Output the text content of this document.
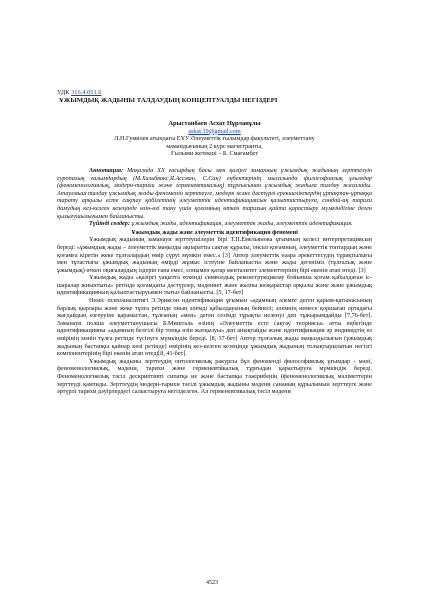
УДК 316.4.051.6
ҰЖЫМДЫҚ ЖАДЫНЫ ТАЛДАУДЫҢ КОНЦЕПТУАЛДЫ НЕГІЗДЕРІ
Арыстанбаев Асхат Нұрланұлы
askat.19@gmail.com
Л.Н.Гумилев атындағы ЕҰУ Әлеуметтік ғылымдар факультеті, әлеуметтану
мамандығының 2 курс магистранты,
Ғылыми жетекші – Б. Смағамбет
Аннотация: Мақалада XX ғасырдың басы мен қазіргі заманның ұжымдық жадының зерттелуін еуропалық ғалымдардың (М.Хальбвакс,Я.Ассман, С.Сан) еңбектерінің мысалында философиялық ұғымдар (феноменологиялық, модерн-тарихи және герменевтикалық) тұрғысынан ұжымдық жадыға талдау жасалады. Атаулмыш талдау ұжымдық жады феноменін зерттеуге, модерн және дәстүрлі ерекшеліктердің ұрпақтан-ұрпаққа тарату арқылы есте сақтау қабілетінің әлеуметтік идентификациясын қалыптастыруға, сондай-ақ тарихи дамудың кез-келген кезеңінде өзін-өзі тану үшін қоғамның өткен тарихын қайта қарастыру мүмкіндігіне деген қызығушылығымен байланысты.
Түйінді сөздер: ұжымдық жады, идентификация, әлеуметтік жады, әлеуметтік идентификация.
Ұжымдық жады және әлеуметтік идентификация феномені

Ұжымдық жадының заманауи зерттеушілерін бірі Т.П.Емельянова ұғымның келесі интерпретациясын береді: «ұжымдық жады – әлеуметтік маңызды ақпаратты сақтау құралы, онсыз қоғамның, әлеуметтік топтардың және қоғамға кіретін жеке тұлғалардың өмір сүруі мүмкін емес.» [3] Автор әлеуметтік өзара әрекеттесудің тұрақтылығы мен тұтастығы ұжымдық жадының өмірді жұмыс істеуіне байланысты және жады дегеніміз (тұлғалық және ұжымдық) өткен оқиғалардың іздерін ғана емес, сонымен қатар менталитет элементтерінің бірі екенін атап өтеді. [3]

Ұжымдық жады «қазіргі уақытта өткенді символдық реконструкциялау бойынша қоғам қабылдаған іс-шаралар жиынтығы» ретінде қоғамдағы дәстүрлер, мәдениет және жалпы көзқарастар арқылы және және ұжымдық идентификацияның қалыптастыруымен тығыз байланысты. [5, 17-бет]

Неміс психоаналитигі Э.Эриксон идентификация ұғымын «адамның әлемге деген қарым-қатынасының барлық қырлары және жеке тұлға ретінде оның әлемді қабылдауының бейнесі; әлемнің немесе қоршаған ортадағы жағдайдың өзгеруіне қарамастан, тұлғаның «мен» деген сезімді тұрақты иеленуі деп тұжырымдайды [7,76-бет]. Заманауи полша әлеуметтанушысы Б.Мишталь өзінің «Әлеуметтік есте сақтау теориясы» атты еңбегінде идентификацияны «адамның белгілі бір топқа өзін жатқызуы» деп анықтайды және идентификация әр индивидтің өз өмірінің мәнін тұлға ретінде түсінуге мүмкіндік береді. [8, 37-бет] Автор тұлғалық жады маңыздылығын (ұжымдық жадының бастапқы қайнар көзі ретінде) өмірінің кез-келген кезеңінде ұжымдық жадының толықтырылатын негізгі компонентерінің бірі екенін атап өтеді[8, 41-бет].

Ұжымдық жадыны зерттеудің онтологиялық ракурсы бұл феноменді философиялық ұғымдар - мәні, феноменологиялық, мәдени, тарихи және герменевтикалық тұрғыдан қарастыруға мүмкіндік береді. Феноменологиялық тәсіл дескриптивті сипатқа ие және бастапқы тәжірибенің (феноменологиялық мәліметтерін зерттеуді қамтиды. Зерттеудің модерн-тарихи тәсілі ұжымдық жадыны мәдени сананың құрылымын зерттеуге және әртүрлі тарихи дәуірлердегі салыстыруға негізделген. Ал герменевтикалық тәсіл мәдени

4523
